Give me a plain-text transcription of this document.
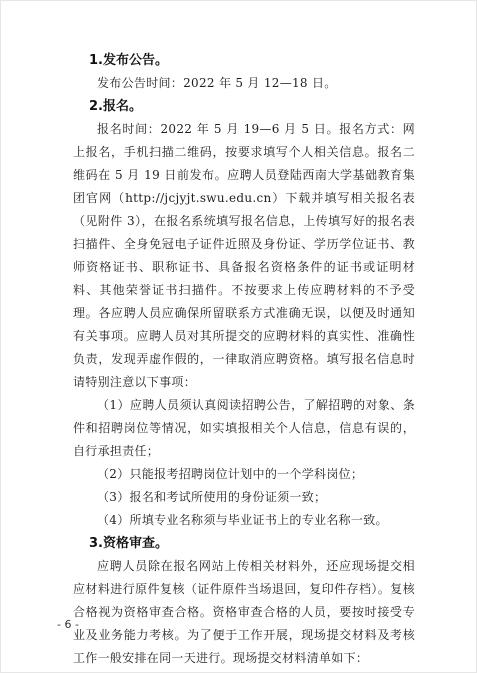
1.发布公告。

发布公告时间：2022 年 5 月 12—18 日。

2.报名。

报名时间：2022 年 5 月 19—6 月 5 日。报名方式：网上报名，手机扫描二维码，按要求填写个人相关信息。报名二维码在 5 月 19 日前发布。应聘人员登陆西南大学基础教育集团官网（http://jcjyjt.swu.edu.cn）下载并填写相关报名表（见附件 3），在报名系统填写报名信息，上传填写好的报名表扫描件、全身免冠电子证件近照及身份证、学历学位证书、教师资格证书、职称证书、具备报名资格条件的证书或证明材料、其他荣誉证书扫描件。不按要求上传应聘材料的不予受理。各应聘人员应确保所留联系方式准确无误，以便及时通知有关事项。应聘人员对其所提交的应聘材料的真实性、准确性负责，发现弄虚作假的，一律取消应聘资格。填写报名信息时请特别注意以下事项：

（1）应聘人员须认真阅读招聘公告，了解招聘的对象、条件和招聘岗位等情况，如实填报相关个人信息，信息有误的，自行承担责任；

（2）只能报考招聘岗位计划中的一个学科岗位；

（3）报名和考试所使用的身份证须一致；

（4）所填专业名称须与毕业证书上的专业名称一致。

3.资格审查。

应聘人员除在报名网站上传相关材料外，还应现场提交相应材料进行原件复核（证件原件当场退回，复印件存档）。复核合格视为资格审查合格。资格审查合格的人员，要按时接受专业及业务能力考核。为了便于工作开展，现场提交材料及考核工作一般安排在同一天进行。现场提交材料清单如下：

- 6 -
